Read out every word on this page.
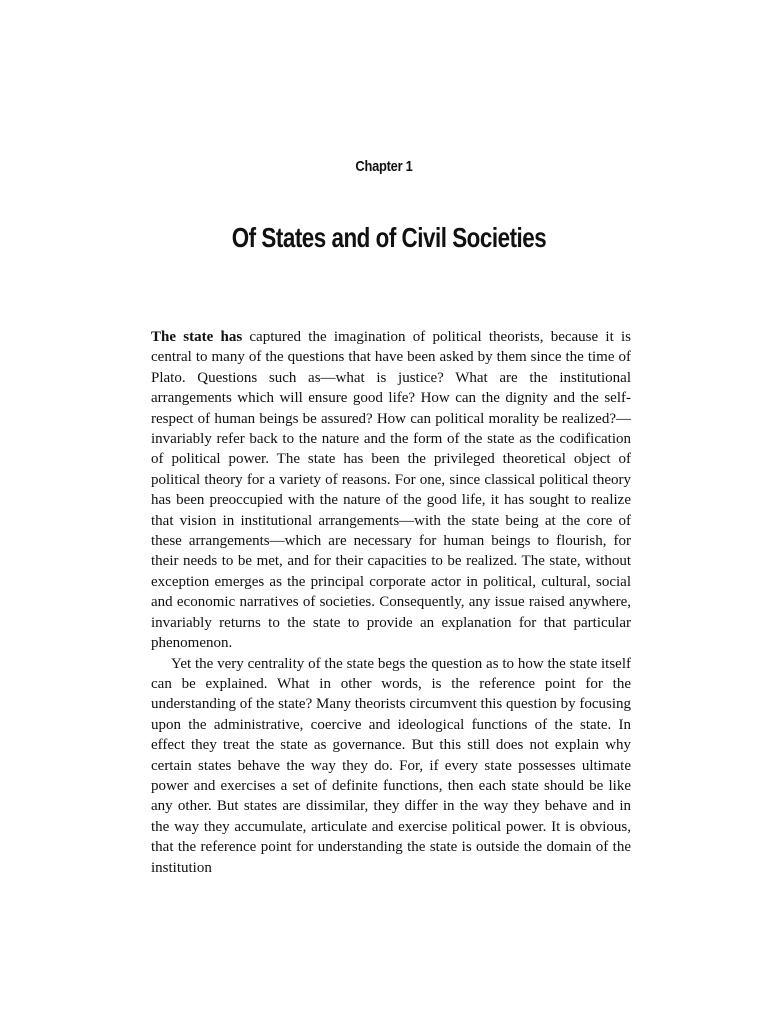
Chapter 1
Of States and of Civil Societies

The state has captured the imagination of political theorists, because it is central to many of the questions that have been asked by them since the time of Plato. Questions such as—what is justice? What are the institutional arrangements which will ensure good life? How can the dignity and the self-respect of human beings be assured? How can political morality be realized?—invariably refer back to the nature and the form of the state as the codification of political power. The state has been the privileged theoretical object of political theory for a variety of reasons. For one, since classical political theory has been preoccupied with the nature of the good life, it has sought to realize that vision in institutional arrangements—with the state being at the core of these arrangements—which are necessary for human beings to flourish, for their needs to be met, and for their capacities to be realized. The state, without exception emerges as the principal corporate actor in political, cultural, social and economic narratives of societies. Consequently, any issue raised anywhere, invariably returns to the state to provide an explanation for that particular phenomenon.

Yet the very centrality of the state begs the question as to how the state itself can be explained. What in other words, is the reference point for the understanding of the state? Many theorists circumvent this question by focusing upon the administrative, coercive and ideological functions of the state. In effect they treat the state as governance. But this still does not explain why certain states behave the way they do. For, if every state possesses ultimate power and exercises a set of definite functions, then each state should be like any other. But states are dissimilar, they differ in the way they behave and in the way they accumulate, articulate and exercise political power. It is obvious, that the reference point for understanding the state is outside the domain of the institution
